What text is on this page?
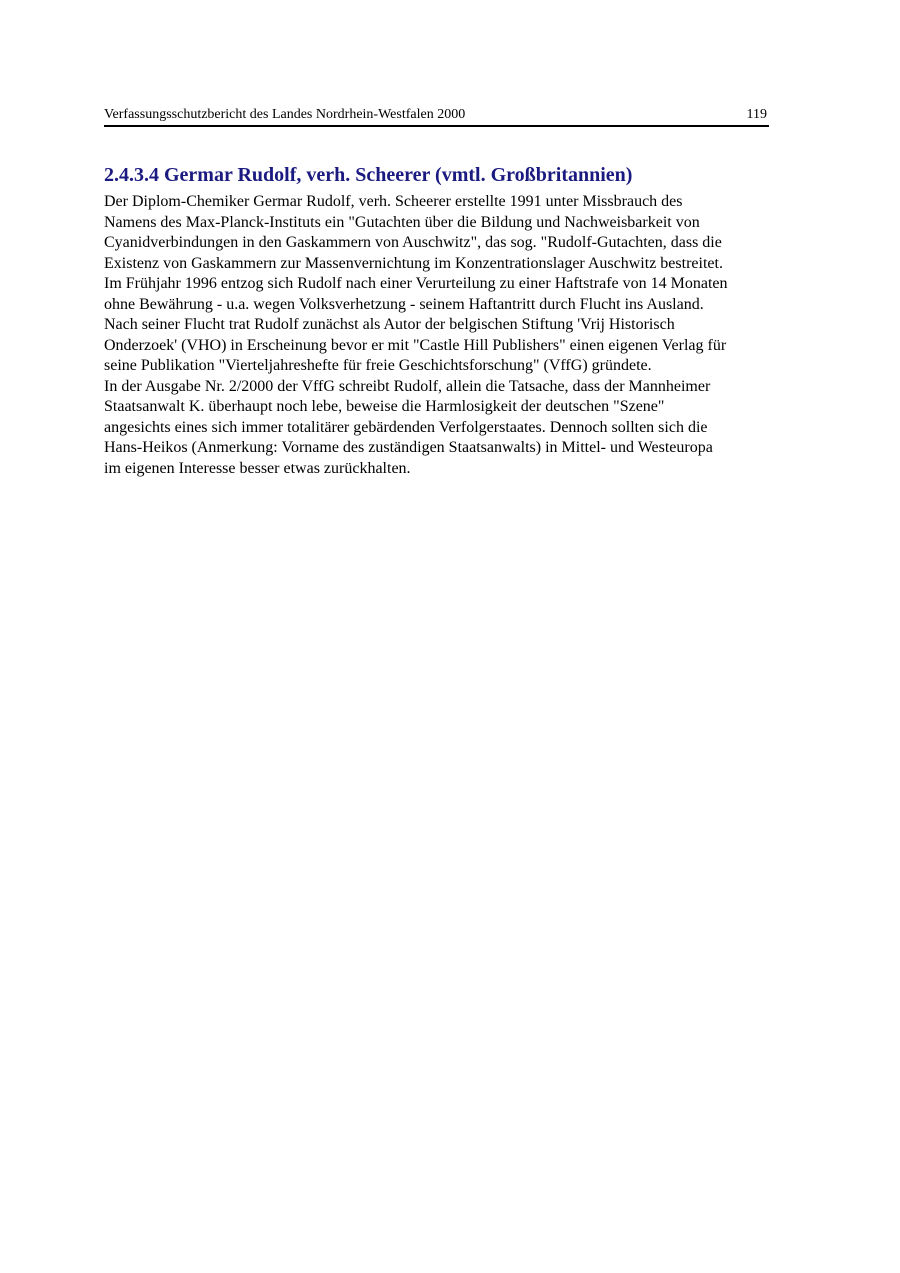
Verfassungsschutzbericht des Landes Nordrhein-Westfalen 2000	119
2.4.3.4 Germar Rudolf, verh. Scheerer (vmtl. Großbritannien)
Der Diplom-Chemiker Germar Rudolf, verh. Scheerer erstellte 1991 unter Missbrauch des
Namens des Max-Planck-Instituts ein "Gutachten über die Bildung und Nachweisbarkeit von
Cyanidverbindungen in den Gaskammern von Auschwitz", das sog. "Rudolf-Gutachten, dass die
Existenz von Gaskammern zur Massenvernichtung im Konzentrationslager Auschwitz bestreitet.
Im Frühjahr 1996 entzog sich Rudolf nach einer Verurteilung zu einer Haftstrafe von 14 Monaten
ohne Bewährung - u.a. wegen Volksverhetzung - seinem Haftantritt durch Flucht ins Ausland.
Nach seiner Flucht trat Rudolf zunächst als Autor der belgischen Stiftung 'Vrij Historisch
Onderzoek' (VHO) in Erscheinung bevor er mit "Castle Hill Publishers" einen eigenen Verlag für
seine Publikation "Vierteljahreshefte für freie Geschichtsforschung" (VffG) gründete.
In der Ausgabe Nr. 2/2000 der VffG schreibt Rudolf, allein die Tatsache, dass der Mannheimer
Staatsanwalt K. überhaupt noch lebe, beweise die Harmlosigkeit der deutschen "Szene"
angesichts eines sich immer totalitärer gebärdenden Verfolgerstaates. Dennoch sollten sich die
Hans-Heikos (Anmerkung: Vorname des zuständigen Staatsanwalts) in Mittel- und Westeuropa
im eigenen Interesse besser etwas zurückhalten.
